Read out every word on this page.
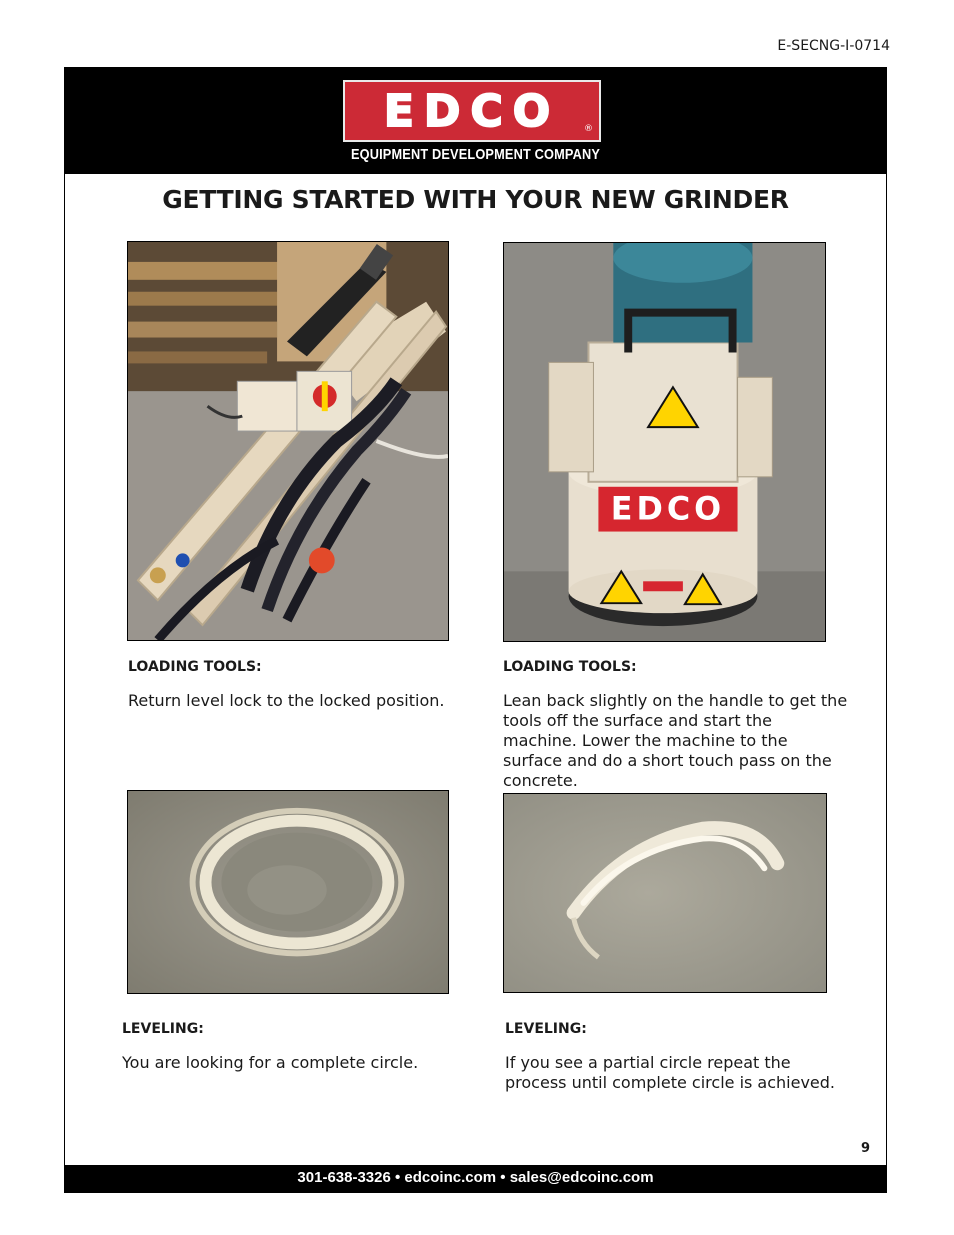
E-SECNG-I-0714
EDCO	®
EQUIPMENT DEVELOPMENT COMPANY
GETTING STARTED WITH YOUR NEW GRINDER
EDCO
LOADING TOOLS:
Return level lock to the locked position.
LOADING TOOLS:
Lean back slightly on the handle to get the tools off the surface and start the machine. Lower the machine to the surface and do a short touch pass on the concrete.
LEVELING:
You are looking for a complete circle.
LEVELING:
If you see a partial circle repeat the process until complete circle is achieved.
9
301-638-3326 • edcoinc.com • sales@edcoinc.com
